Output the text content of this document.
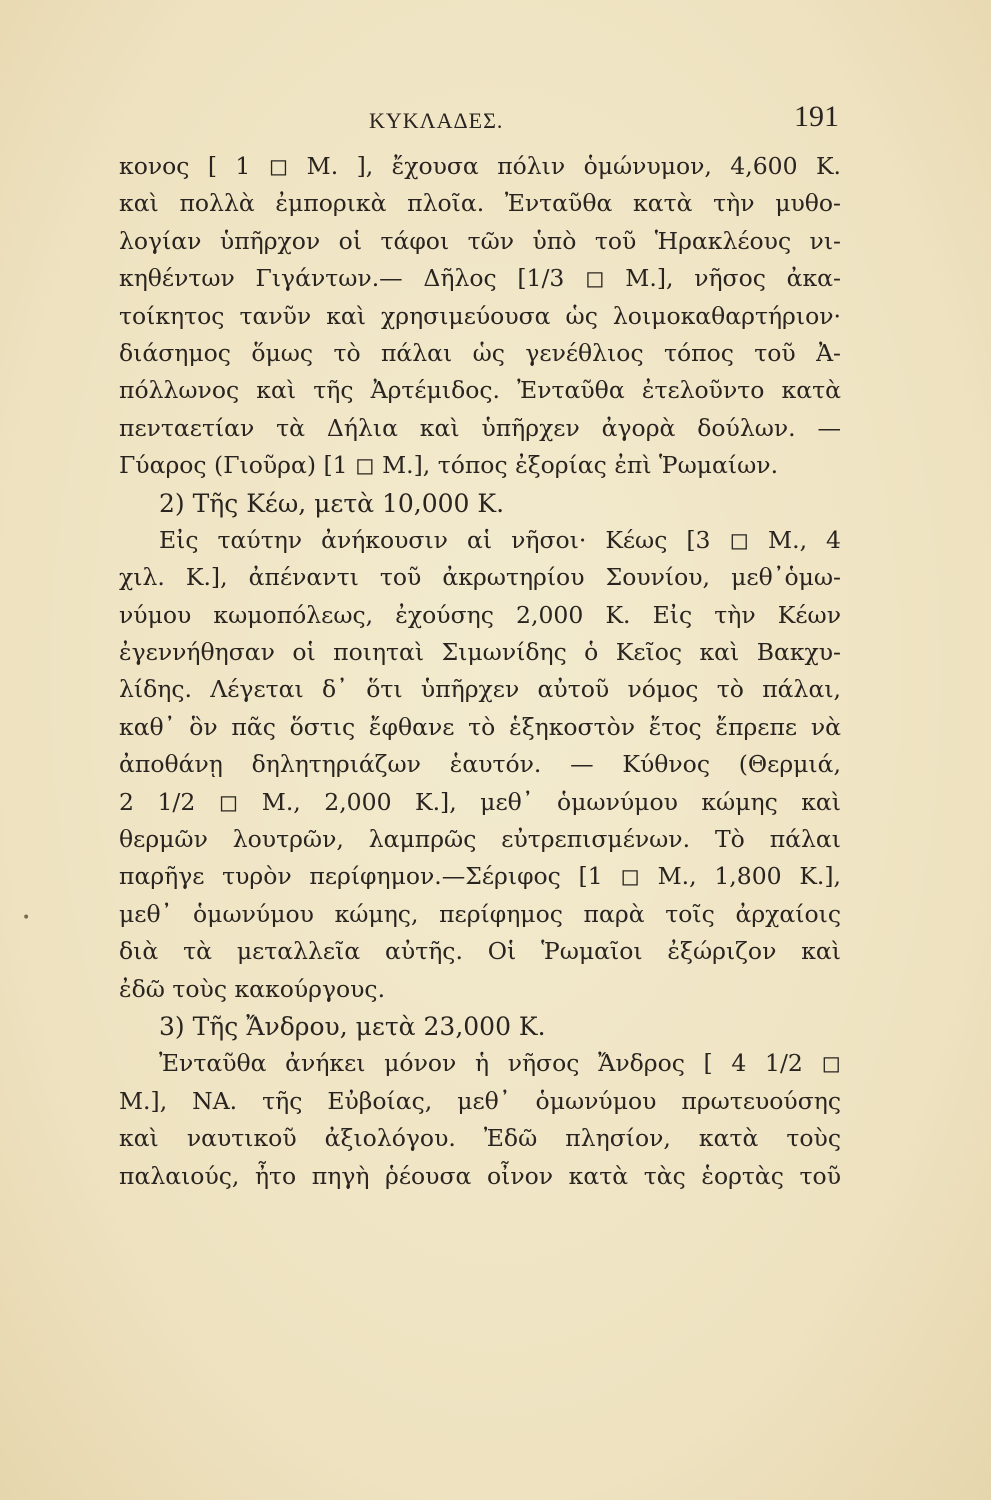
ΚΥΚΛΑΔΕΣ.	191
•
κονος [ 1 ◻ Μ. ], ἔχουσα πόλιν ὁμώνυμον, 4,600 Κ.
καὶ πολλὰ ἐμπορικὰ πλοῖα. Ἐνταῦθα κατὰ τὴν μυθο-
λογίαν ὑπῆρχον οἱ τάφοι τῶν ὑπὸ τοῦ Ἡρακλέους νι-
κηθέντων Γιγάντων.— Δῆλος [1/3 ◻ Μ.], νῆσος ἀκα-
τοίκητος τανῦν καὶ χρησιμεύουσα ὡς λοιμοκαθαρτήριον·
διάσημος ὅμως τὸ πάλαι ὡς γενέθλιος τόπος τοῦ Ἀ-
πόλλωνος καὶ τῆς Ἀρτέμιδος. Ἐνταῦθα ἐτελοῦντο κατὰ
πενταετίαν τὰ Δήλια καὶ ὑπῆρχεν ἀγορὰ δούλων. —
Γύαρος (Γιοῦρα) [1 ◻ Μ.], τόπος ἐξορίας ἐπὶ Ῥωμαίων.
2) Τῆς Κέω, μετὰ 10,000 Κ.
Εἰς ταύτην ἀνήκουσιν αἱ νῆσοι· Κέως [3 ◻ Μ., 4
χιλ. Κ.], ἀπέναντι τοῦ ἀκρωτηρίου Σουνίου, μεθ᾽ὁμω-
νύμου κωμοπόλεως, ἐχούσης 2,000 Κ. Εἰς τὴν Κέων
ἐγεννήθησαν οἱ ποιηταὶ Σιμωνίδης ὁ Κεῖος καὶ Βακχυ-
λίδης. Λέγεται δ᾽ ὅτι ὑπῆρχεν αὐτοῦ νόμος τὸ πάλαι,
καθ᾽ ὃν πᾶς ὅστις ἔφθανε τὸ ἑξηκοστὸν ἔτος ἔπρεπε νὰ
ἀποθάνῃ δηλητηριάζων ἑαυτόν. — Κύθνος (Θερμιά,
2 1/2 ◻ Μ., 2,000 Κ.], μεθ᾽ ὁμωνύμου κώμης καὶ
θερμῶν λουτρῶν, λαμπρῶς εὐτρεπισμένων. Τὸ πάλαι
παρῆγε τυρὸν περίφημον.—Σέριφος [1 ◻ Μ., 1,800 Κ.],
μεθ᾽ ὁμωνύμου κώμης, περίφημος παρὰ τοῖς ἀρχαίοις
διὰ τὰ μεταλλεῖα αὐτῆς. Οἱ Ῥωμαῖοι ἐξώριζον καὶ
ἐδῶ τοὺς κακούργους.
3) Τῆς Ἄνδρου, μετὰ 23,000 Κ.
Ἐνταῦθα ἀνήκει μόνον ἡ νῆσος Ἄνδρος [ 4 1/2 ◻
Μ.], ΝΑ. τῆς Εὐβοίας, μεθ᾽ ὁμωνύμου πρωτευούσης
καὶ ναυτικοῦ ἀξιολόγου. Ἐδῶ πλησίον, κατὰ τοὺς
παλαιούς, ἦτο πηγὴ ῥέουσα οἶνον κατὰ τὰς ἑορτὰς τοῦ
